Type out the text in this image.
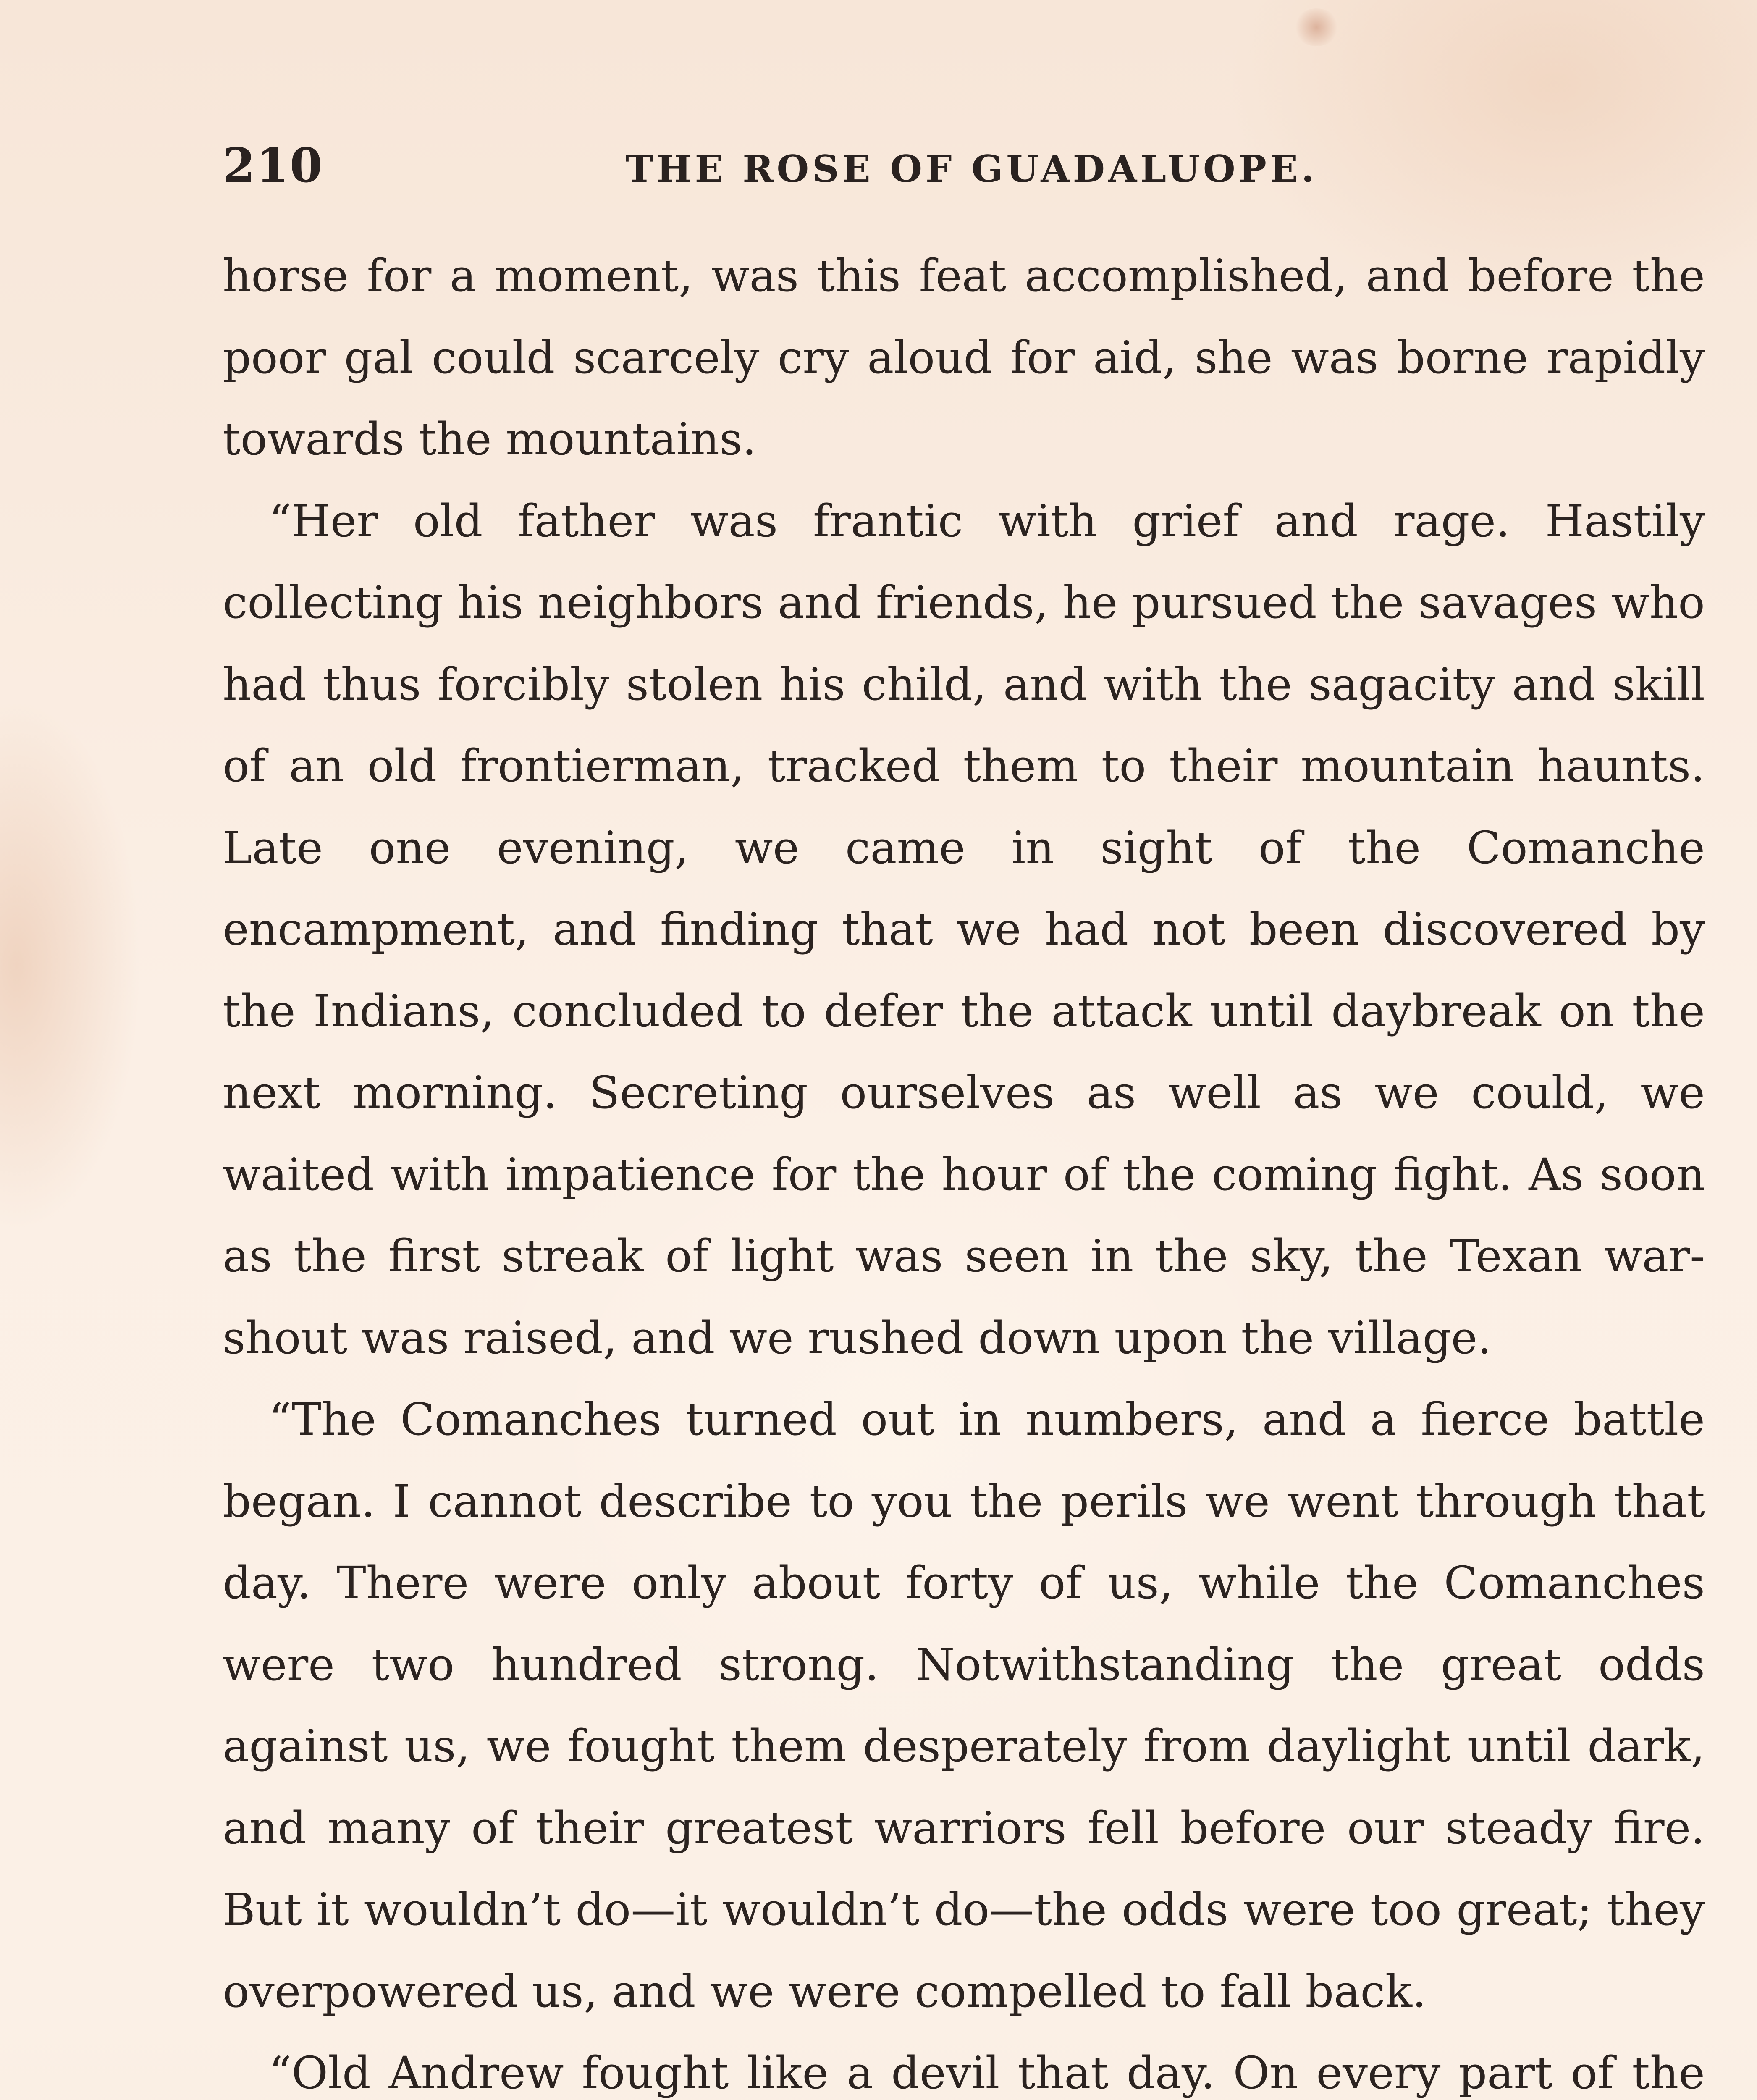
210	THE ROSE OF GUADALUOPE.

horse for a moment, was this feat accomplished, and before the poor gal could scarcely cry aloud for aid, she was borne rapidly towards the mountains.

“Her old father was frantic with grief and rage. Hastily collecting his neighbors and friends, he pursued the savages who had thus forcibly stolen his child, and with the sagacity and skill of an old frontierman, tracked them to their mountain haunts. Late one evening, we came in sight of the Comanche encampment, and finding that we had not been discovered by the Indians, concluded to defer the attack until daybreak on the next morning. Secreting ourselves as well as we could, we waited with impatience for the hour of the coming fight. As soon as the first streak of light was seen in the sky, the Texan war-shout was raised, and we rushed down upon the village.

“The Comanches turned out in numbers, and a fierce battle began. I cannot describe to you the perils we went through that day. There were only about forty of us, while the Comanches were two hundred strong. Notwithstanding the great odds against us, we fought them desperately from daylight until dark, and many of their greatest warriors fell before our steady fire. But it wouldn’t do—it wouldn’t do—the odds were too great; they overpowered us, and we were compelled to fall back.

“Old Andrew fought like a devil that day. On every part of the
